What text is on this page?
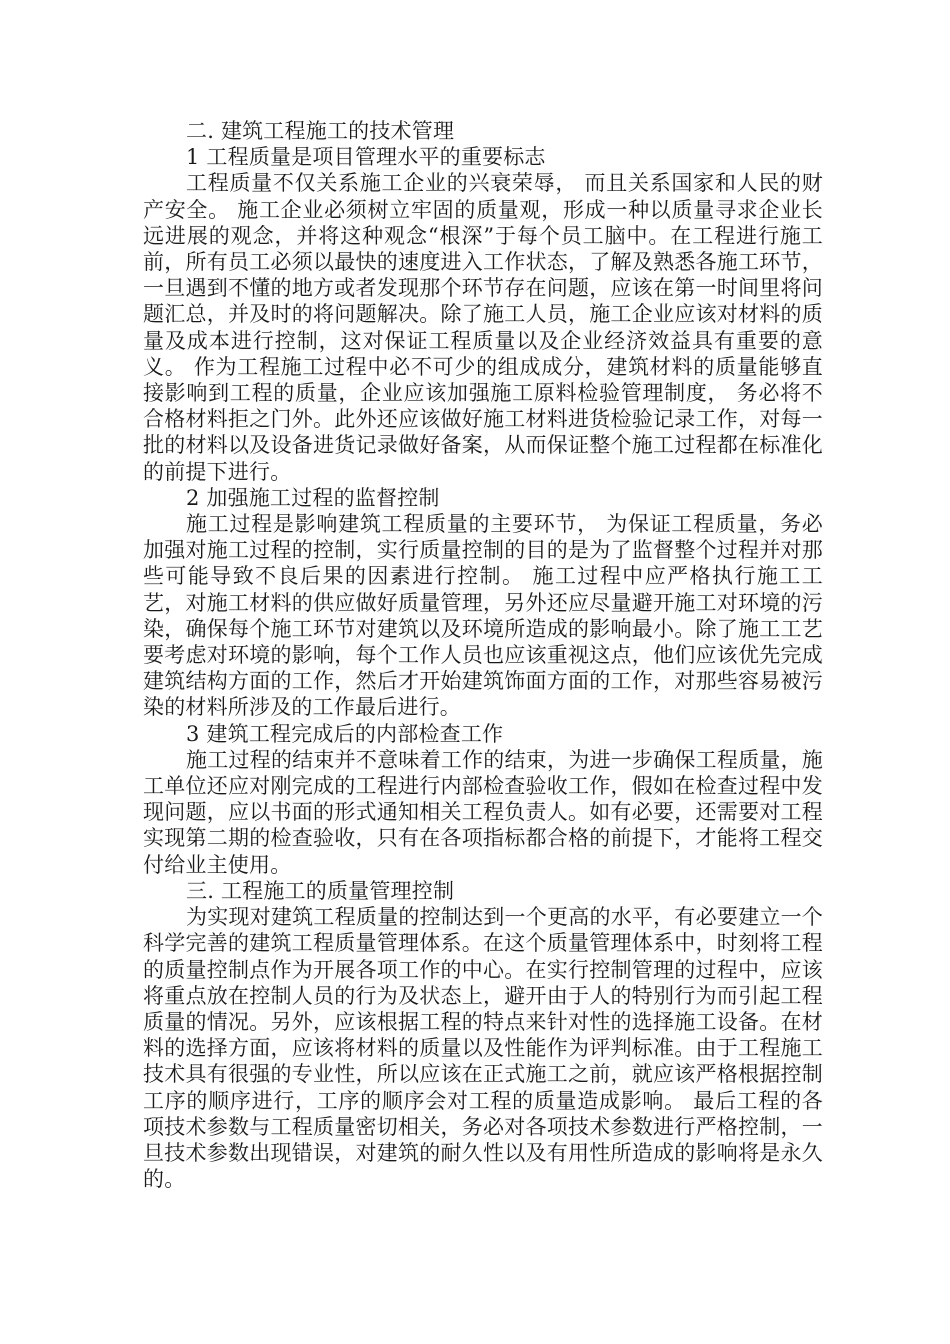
二. 建筑工程施工的技术管理

1 工程质量是项目管理水平的重要标志

工程质量不仅关系施工企业的兴衰荣辱， 而且关系国家和人民的财产安全。 施工企业必须树立牢固的质量观，形成一种以质量寻求企业长远进展的观念，并将这种观念“根深”于每个员工脑中。在工程进行施工前，所有员工必须以最快的速度进入工作状态，了解及熟悉各施工环节，一旦遇到不懂的地方或者发现那个环节存在问题，应该在第一时间里将问题汇总，并及时的将问题解决。除了施工人员，施工企业应该对材料的质量及成本进行控制，这对保证工程质量以及企业经济效益具有重要的意义。 作为工程施工过程中必不可少的组成成分，建筑材料的质量能够直接影响到工程的质量，企业应该加强施工原料检验管理制度， 务必将不合格材料拒之门外。此外还应该做好施工材料进货检验记录工作，对每一批的材料以及设备进货记录做好备案，从而保证整个施工过程都在标准化的前提下进行。

2 加强施工过程的监督控制

施工过程是影响建筑工程质量的主要环节， 为保证工程质量，务必加强对施工过程的控制，实行质量控制的目的是为了监督整个过程并对那些可能导致不良后果的因素进行控制。 施工过程中应严格执行施工工艺，对施工材料的供应做好质量管理，另外还应尽量避开施工对环境的污染，确保每个施工环节对建筑以及环境所造成的影响最小。除了施工工艺要考虑对环境的影响，每个工作人员也应该重视这点，他们应该优先完成建筑结构方面的工作，然后才开始建筑饰面方面的工作，对那些容易被污染的材料所涉及的工作最后进行。

3 建筑工程完成后的内部检查工作

施工过程的结束并不意味着工作的结束，为进一步确保工程质量，施工单位还应对刚完成的工程进行内部检查验收工作，假如在检查过程中发现问题，应以书面的形式通知相关工程负责人。如有必要，还需要对工程实现第二期的检查验收，只有在各项指标都合格的前提下，才能将工程交付给业主使用。

三. 工程施工的质量管理控制

为实现对建筑工程质量的控制达到一个更高的水平，有必要建立一个科学完善的建筑工程质量管理体系。在这个质量管理体系中，时刻将工程的质量控制点作为开展各项工作的中心。在实行控制管理的过程中，应该将重点放在控制人员的行为及状态上，避开由于人的特别行为而引起工程质量的情况。另外，应该根据工程的特点来针对性的选择施工设备。在材料的选择方面，应该将材料的质量以及性能作为评判标准。由于工程施工技术具有很强的专业性，所以应该在正式施工之前，就应该严格根据控制工序的顺序进行，工序的顺序会对工程的质量造成影响。 最后工程的各项技术参数与工程质量密切相关，务必对各项技术参数进行严格控制，一旦技术参数出现错误，对建筑的耐久性以及有用性所造成的影响将是永久的。
